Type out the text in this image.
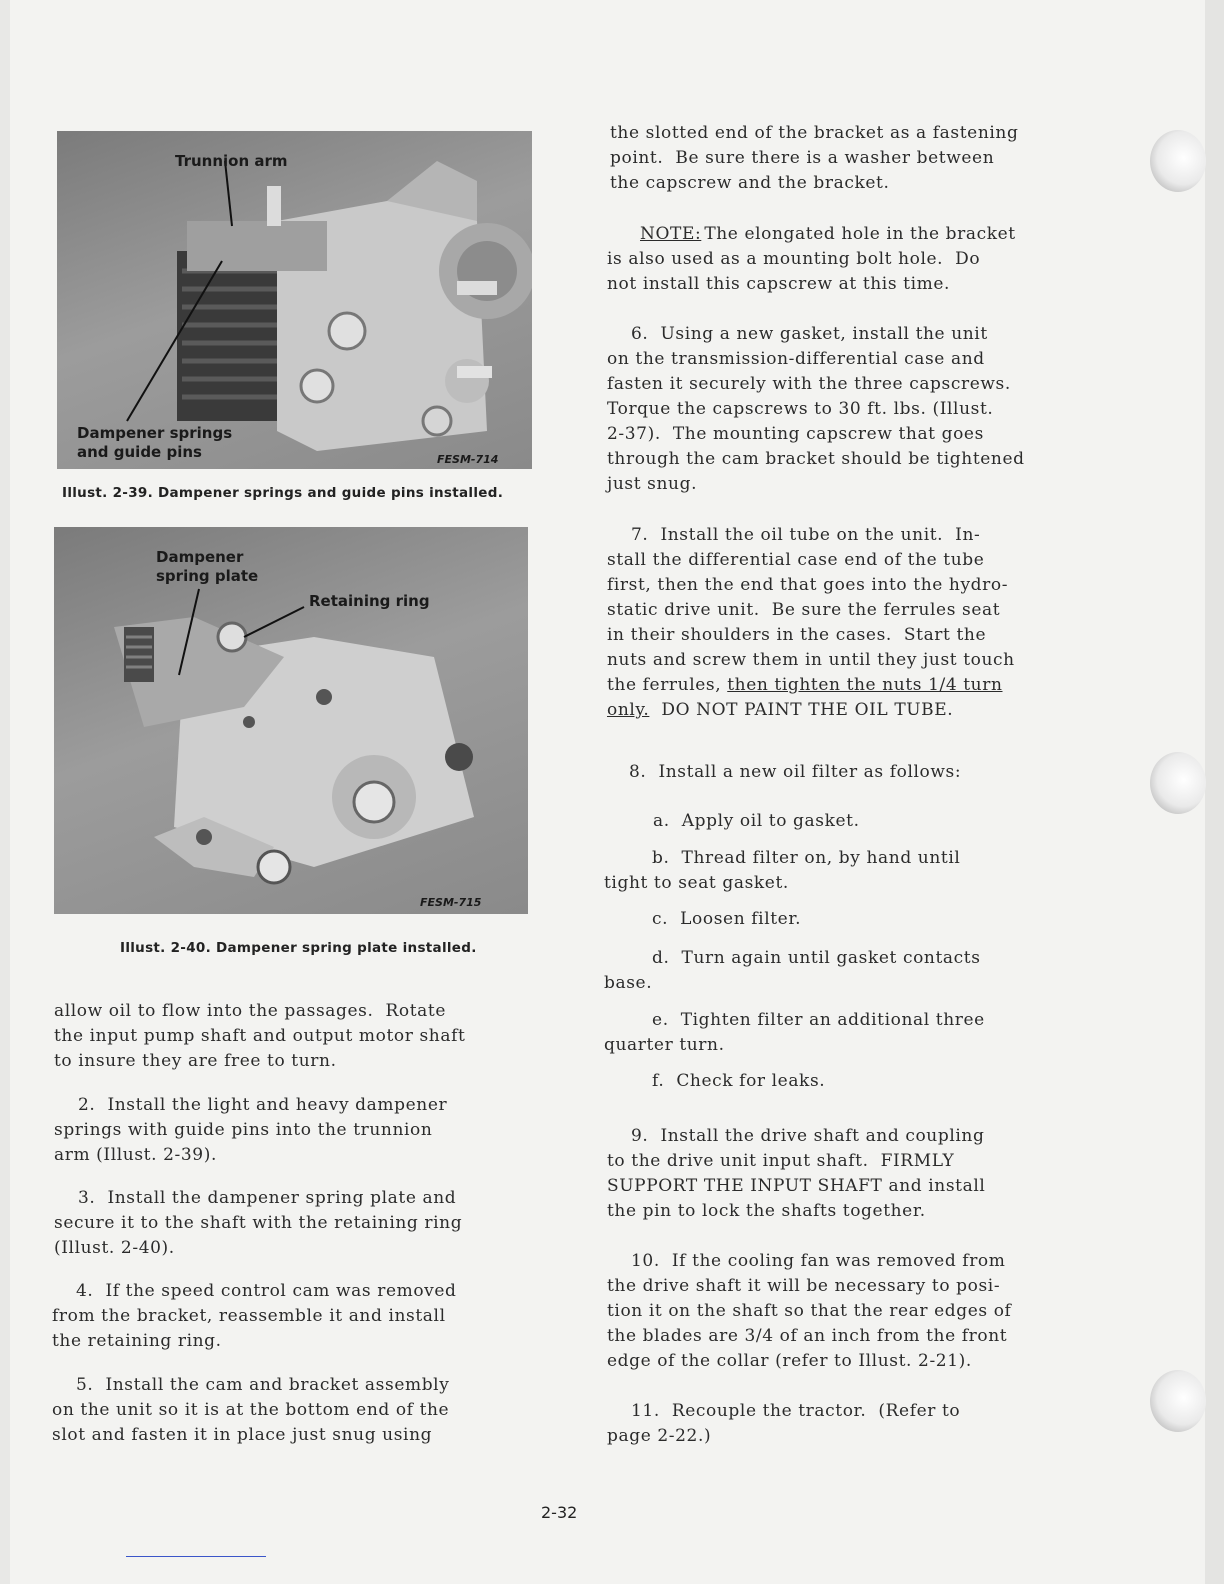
Trunnion arm
Dampener springs
and guide pins	FESM-714
Illust. 2-39. Dampener springs and guide pins installed.
Dampener
spring plate
Retaining ring
FESM-715
Illust. 2-40. Dampener spring plate installed.
allow oil to flow into the passages.  Rotate
the input pump shaft and output motor shaft
to insure they are free to turn.
2.  Install the light and heavy dampener
springs with guide pins into the trunnion
arm (Illust. 2-39).
3.  Install the dampener spring plate and
secure it to the shaft with the retaining ring
(Illust. 2-40).
4.  If the speed control cam was removed
from the bracket, reassemble it and install
the retaining ring.
5.  Install the cam and bracket assembly
on the unit so it is at the bottom end of the
slot and fasten it in place just snug using
the slotted end of the bracket as a fastening
point.  Be sure there is a washer between
the capscrew and the bracket.
NOTE: The elongated hole in the bracket
is also used as a mounting bolt hole.  Do
not install this capscrew at this time.
6.  Using a new gasket, install the unit
on the transmission-differential case and
fasten it securely with the three capscrews.
Torque the capscrews to 30 ft. lbs. (Illust.
2-37).  The mounting capscrew that goes
through the cam bracket should be tightened
just snug.
7.  Install the oil tube on the unit.  In-
stall the differential case end of the tube
first, then the end that goes into the hydro-
static drive unit.  Be sure the ferrules seat
in their shoulders in the cases.  Start the
nuts and screw them in until they just touch
the ferrules, then tighten the nuts 1/4 turn
only.  DO NOT PAINT THE OIL TUBE.
8.  Install a new oil filter as follows:
a.  Apply oil to gasket.
b.  Thread filter on, by hand until
tight to seat gasket.
c.  Loosen filter.
d.  Turn again until gasket contacts
base.
e.  Tighten filter an additional three
quarter turn.
f.  Check for leaks.
9.  Install the drive shaft and coupling
to the drive unit input shaft.  FIRMLY
SUPPORT THE INPUT SHAFT and install
the pin to lock the shafts together.
10.  If the cooling fan was removed from
the drive shaft it will be necessary to posi-
tion it on the shaft so that the rear edges of
the blades are 3/4 of an inch from the front
edge of the collar (refer to Illust. 2-21).
11.  Recouple the tractor.  (Refer to
page 2-22.)
2-32
